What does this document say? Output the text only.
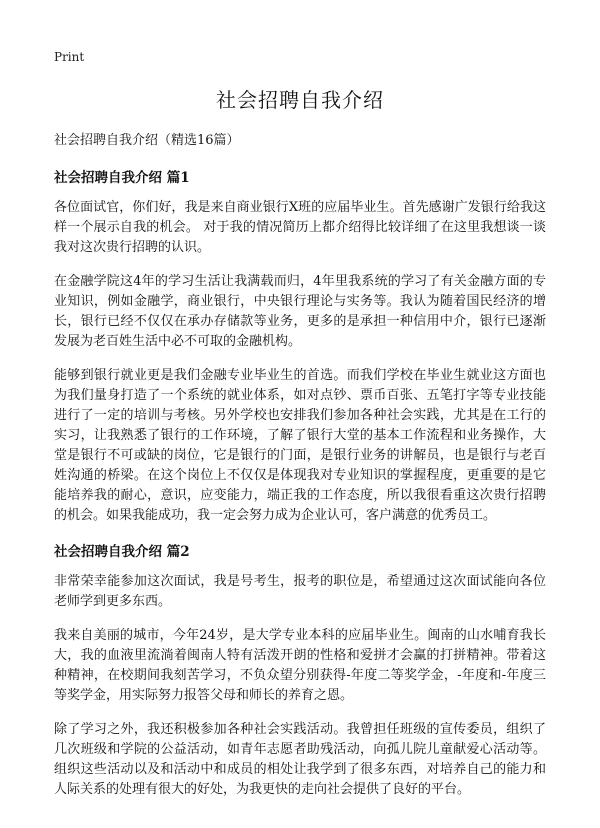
Print
社会招聘自我介绍
社会招聘自我介绍（精选16篇）
社会招聘自我介绍 篇1

各位面试官，你们好，我是来自商业银行X班的应届毕业生。首先感谢广发银行给我这样一个展示自我的机会。 对于我的情况简历上都介绍得比较详细了在这里我想谈一谈我对这次贵行招聘的认识。

在金融学院这4年的学习生活让我满载而归，4年里我系统的学习了有关金融方面的专业知识，例如金融学，商业银行，中央银行理论与实务等。我认为随着国民经济的增长，银行已经不仅仅在承办存储款等业务，更多的是承担一种信用中介，银行已逐渐发展为老百姓生活中必不可取的金融机构。

能够到银行就业更是我们金融专业毕业生的首选。而我们学校在毕业生就业这方面也为我们量身打造了一个系统的就业体系，如对点钞、票币百张、五笔打字等专业技能进行了一定的培训与考核。另外学校也安排我们参加各种社会实践，尤其是在工行的实习，让我熟悉了银行的工作环境，了解了银行大堂的基本工作流程和业务操作，大堂是银行不可或缺的岗位，它是银行的门面，是银行业务的讲解员，也是银行与老百姓沟通的桥梁。在这个岗位上不仅仅是体现我对专业知识的掌握程度，更重要的是它能培养我的耐心，意识，应变能力，端正我的工作态度，所以我很看重这次贵行招聘的机会。如果我能成功，我一定会努力成为企业认可，客户满意的优秀员工。

社会招聘自我介绍 篇2

非常荣幸能参加这次面试，我是号考生，报考的职位是，希望通过这次面试能向各位老师学到更多东西。

我来自美丽的城市，今年24岁，是大学专业本科的应届毕业生。闽南的山水哺育我长大，我的血液里流淌着闽南人特有活泼开朗的性格和爱拼才会赢的打拼精神。带着这种精神，在校期间我刻苦学习，不负众望分别获得-年度二等奖学金，-年度和-年度三等奖学金，用实际努力报答父母和师长的养育之恩。

除了学习之外，我还积极参加各种社会实践活动。我曾担任班级的宣传委员，组织了几次班级和学院的公益活动，如青年志愿者助残活动，向孤儿院儿童献爱心活动等。组织这些活动以及和活动中和成员的相处让我学到了很多东西，对培养自己的能力和人际关系的处理有很大的好处，为我更快的走向社会提供了良好的平台。
